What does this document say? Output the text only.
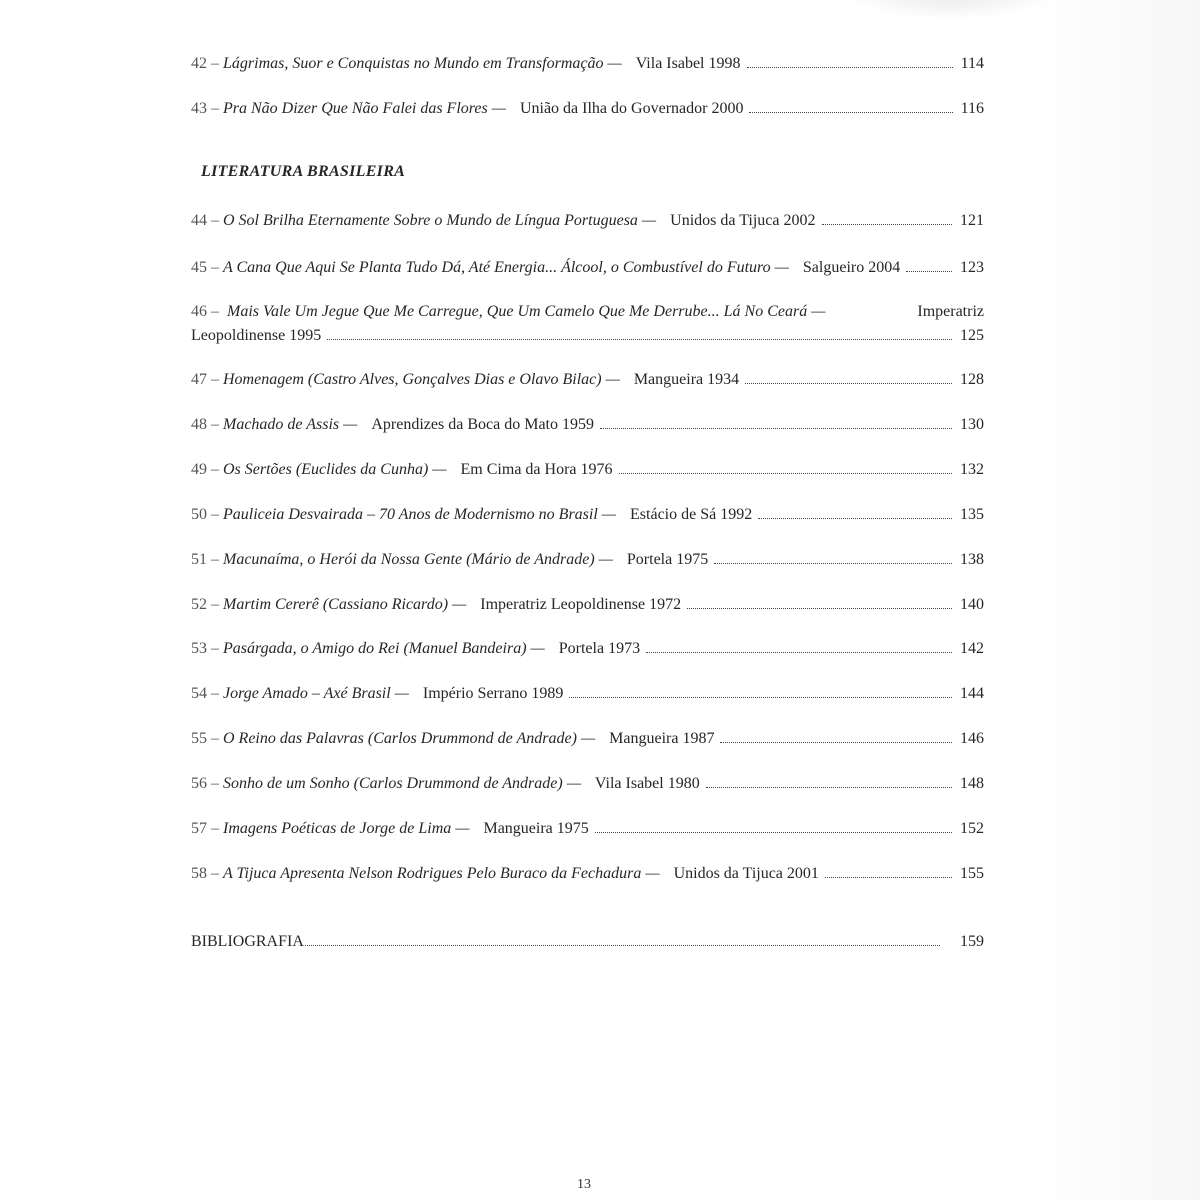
42 – Lágrimas, Suor e Conquistas no Mundo em Transformação — Vila Isabel 1998	114
43 – Pra Não Dizer Que Não Falei das Flores — União da Ilha do Governador 2000	116
LITERATURA BRASILEIRA
44 – O Sol Brilha Eternamente Sobre o Mundo de Língua Portuguesa — Unidos da Tijuca 2002	121
45 – A Cana Que Aqui Se Planta Tudo Dá, Até Energia... Álcool, o Combustível do Futuro — Salgueiro 2004	123
46 – Mais Vale Um Jegue Que Me Carregue, Que Um Camelo Que Me Derrube... Lá No Ceará —	Imperatriz
Leopoldinense 1995	125
47 – Homenagem (Castro Alves, Gonçalves Dias e Olavo Bilac) — Mangueira 1934	128
48 – Machado de Assis — Aprendizes da Boca do Mato 1959	130
49 – Os Sertões (Euclides da Cunha) — Em Cima da Hora 1976	132
50 – Pauliceia Desvairada – 70 Anos de Modernismo no Brasil — Estácio de Sá 1992	135
51 – Macunaíma, o Herói da Nossa Gente (Mário de Andrade) — Portela 1975	138
52 – Martim Cererê (Cassiano Ricardo) — Imperatriz Leopoldinense 1972	140
53 – Pasárgada, o Amigo do Rei (Manuel Bandeira) — Portela 1973	142
54 – Jorge Amado – Axé Brasil — Império Serrano 1989	144
55 – O Reino das Palavras (Carlos Drummond de Andrade) — Mangueira 1987	146
56 – Sonho de um Sonho (Carlos Drummond de Andrade) — Vila Isabel 1980	148
57 – Imagens Poéticas de Jorge de Lima — Mangueira 1975	152
58 – A Tijuca Apresenta Nelson Rodrigues Pelo Buraco da Fechadura — Unidos da Tijuca 2001	155
BIBLIOGRAFIA	159
13
